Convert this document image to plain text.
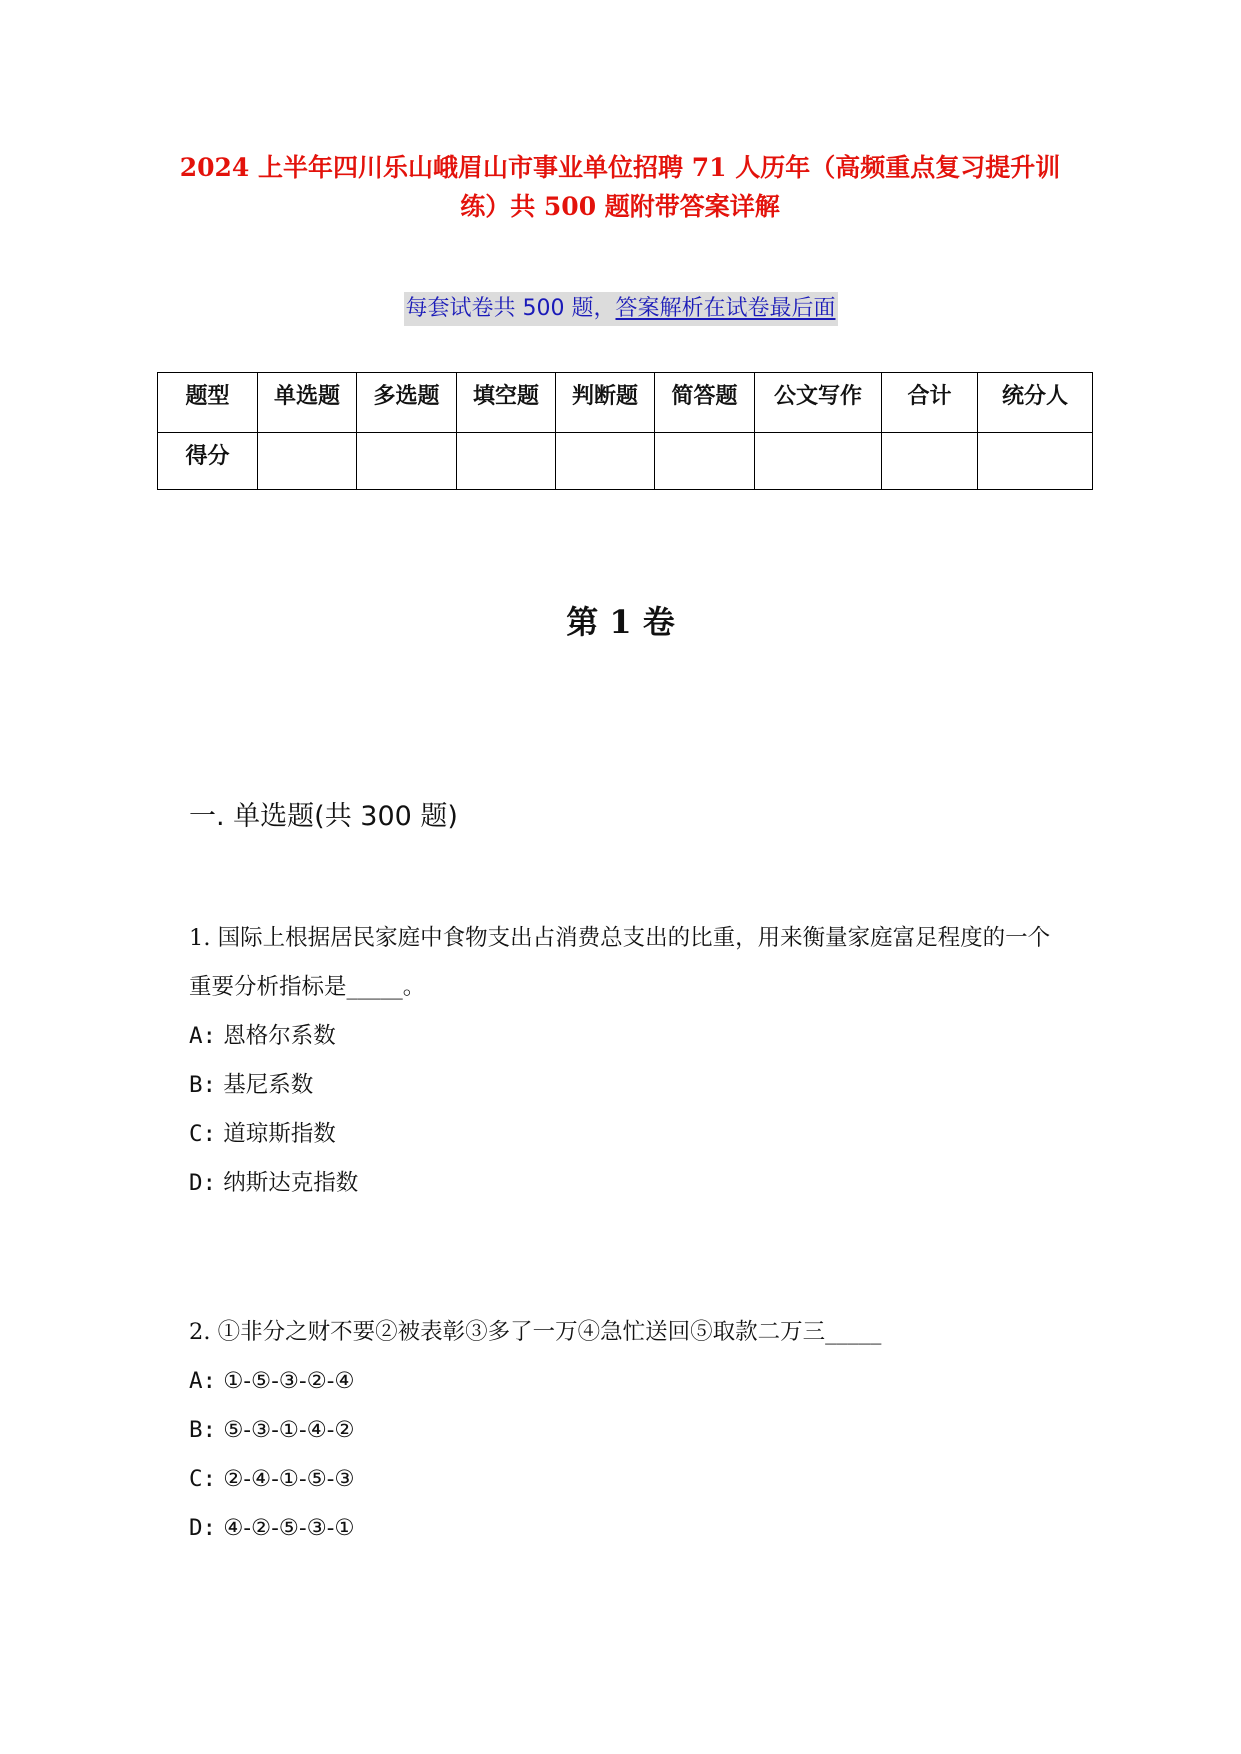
2024 上半年四川乐山峨眉山市事业单位招聘 71 人历年（高频重点复习提升训
练）共 500 题附带答案详解
每套试卷共 500 题，答案解析在试卷最后面
题型	单选题	多选题	填空题	判断题	简答题	公文写作	合计	统分人
得分								
第 1 卷
一. 单选题(共 300 题)

1. 国际上根据居民家庭中食物支出占消费总支出的比重，用来衡量家庭富足程度的一个重要分析指标是_____。

A: 恩格尔系数

B: 基尼系数

C: 道琼斯指数

D: 纳斯达克指数

2. ①非分之财不要②被表彰③多了一万④急忙送回⑤取款二万三_____

A: ①-⑤-③-②-④

B: ⑤-③-①-④-②

C: ②-④-①-⑤-③

D: ④-②-⑤-③-①
